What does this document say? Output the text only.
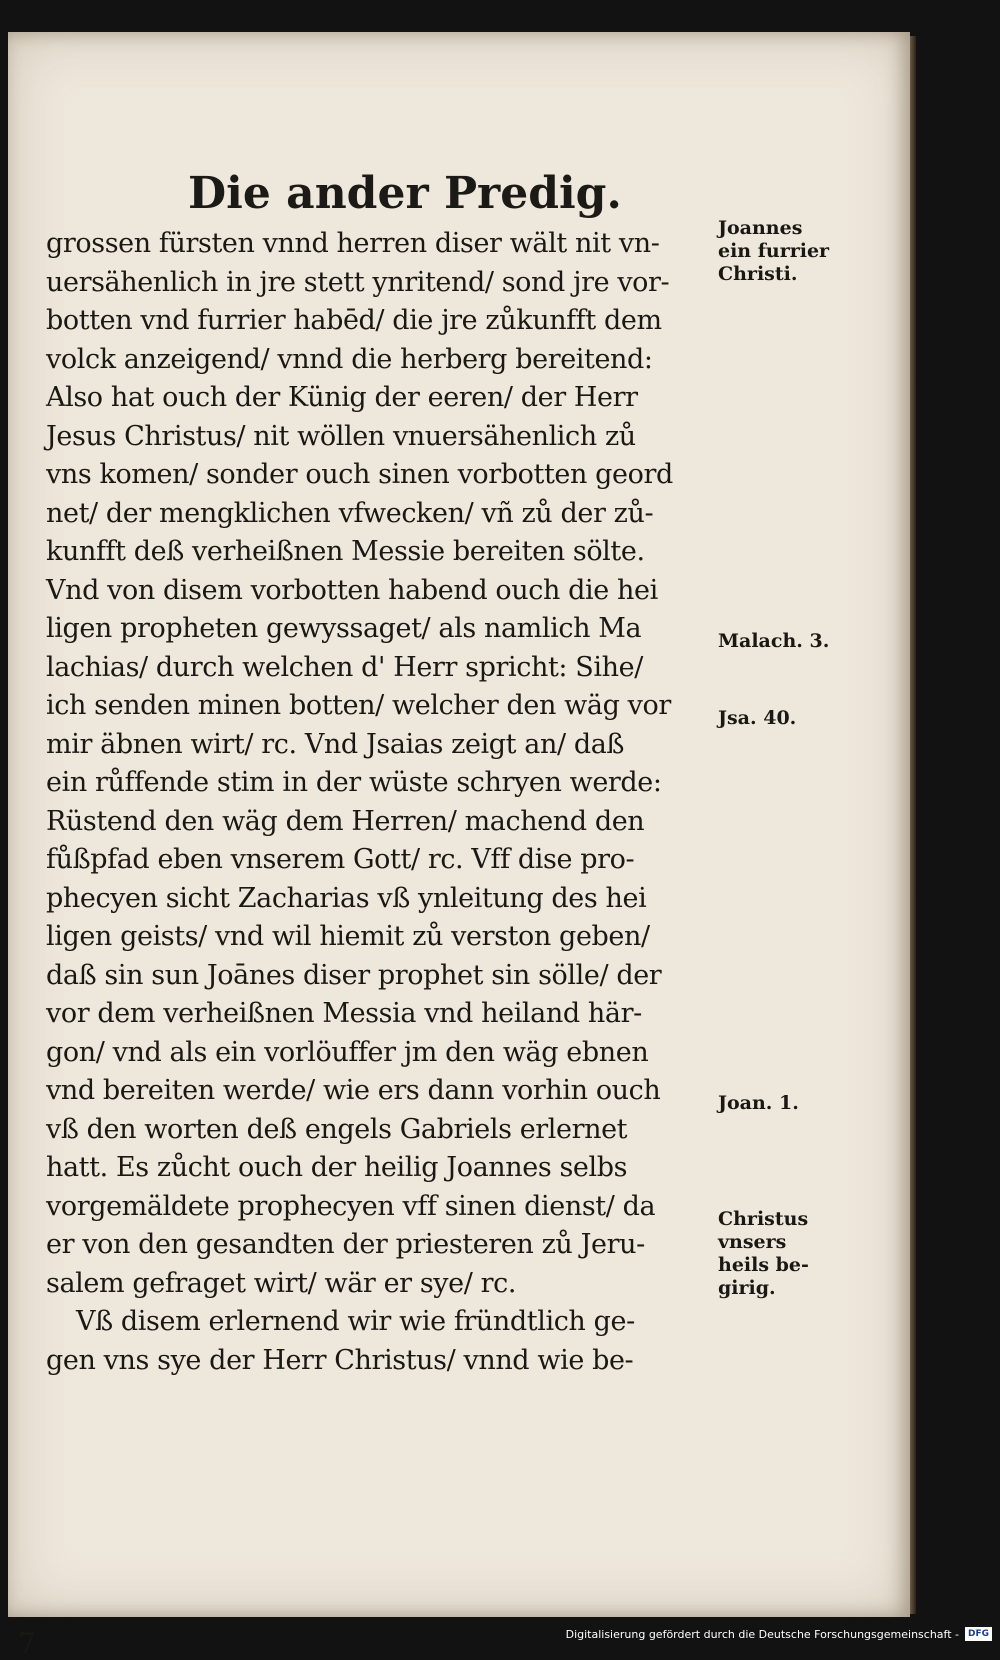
Die ander Predig.
grossen fürsten vnnd herren diser wält nit vn-
uersähenlich in jre stett ynritend/ sond jre vor-
botten vnd furrier habēd/ die jre zůkunfft dem
volck anzeigend/ vnnd die herberg bereitend:
Also hat ouch der Künig der eeren/ der Herr
Jesus Christus/ nit wöllen vnuersähenlich zů
vns komen/ sonder ouch sinen vorbotten geord
net/ der mengklichen vfwecken/ vñ zů der zů-
kunfft deß verheißnen Messie bereiten sölte.
Vnd von disem vorbotten habend ouch die hei
ligen propheten gewyssaget/ als namlich Ma
lachias/ durch welchen d' Herr spricht: Sihe/
ich senden minen botten/ welcher den wäg vor
mir äbnen wirt/ rc. Vnd Jsaias zeigt an/ daß
ein růffende stim in der wüste schryen werde:
Rüstend den wäg dem Herren/ machend den
fůßpfad eben vnserem Gott/ rc. Vff dise pro-
phecyen sicht Zacharias vß ynleitung des hei
ligen geists/ vnd wil hiemit zů verston geben/
daß sin sun Joānes diser prophet sin sölle/ der
vor dem verheißnen Messia vnd heiland här-
gon/ vnd als ein vorlöuffer jm den wäg ebnen
vnd bereiten werde/ wie ers dann vorhin ouch
vß den worten deß engels Gabriels erlernet
hatt. Es zůcht ouch der heilig Joannes selbs
vorgemäldete prophecyen vff sinen dienst/ da
er von den gesandten der priesteren zů Jeru-
salem gefraget wirt/ wär er sye/ rc.
Vß disem erlernend wir wie fründtlich ge-
gen vns sye der Herr Christus/ vnnd wie be-
Joannes
ein furrier
Christi.
Malach. 3.
Jsa. 40.
Joan. 1.
Christus
vnsers
heils be-
girig.
7	Digitalisierung gefördert durch die Deutsche Forschungsgemeinschaft -	DFG
